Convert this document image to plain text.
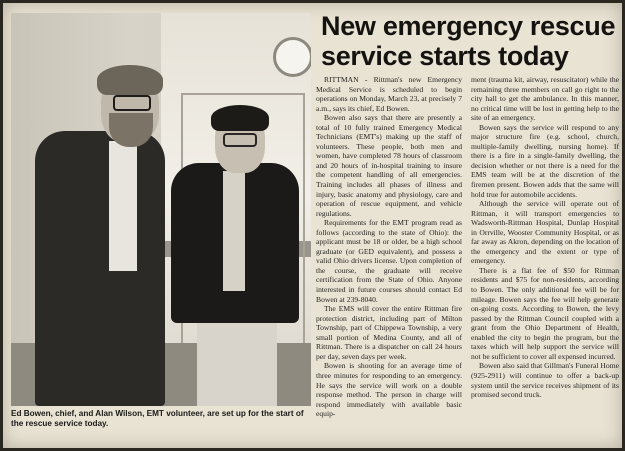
Ed Bowen, chief, and Alan Wilson, EMT volunteer, are set up for the start of the rescue service today.
New emergency rescue service starts today

RITTMAN - Rittman's new Emergency Medical Service is scheduled to begin operations on Monday, March 23, at precisely 7 a.m., says its chief, Ed Bowen.

Bowen also says that there are presently a total of 10 fully trained Emergency Medical Technicians (EMT's) making up the staff of volunteers. These people, both men and women, have completed 78 hours of classroom and 20 hours of in-hospital training to insure the competent handling of all emergencies. Training includes all phases of illness and injury, basic anatomy and physiology, care and operation of rescue equipment, and vehicle regulations.

Requirements for the EMT program read as follows (according to the state of Ohio): the applicant must be 18 or older, be a high school graduate (or GED equivalent), and possess a valid Ohio drivers license. Upon completion of the course, the graduate will receive certification from the State of Ohio. Anyone interested in future courses should contact Ed Bowen at 239-8040.

The EMS will cover the entire Rittman fire protection district, including part of Milton Township, part of Chippewa Township, a very small portion of Medina County, and all of Rittman. There is a dispatcher on call 24 hours per day, seven days per week.

Bowen is shooting for an average time of three minutes for responding to an emergency. He says the service will work on a double response method. The person in charge will respond immediately with available basic equip-

ment (trauma kit, airway, resuscitator) while the remaining three members on call go right to the city hall to get the ambulance. In this manner, no critical time will be lost in getting help to the site of an emergency.

Bowen says the service will respond to any major structure fire (e.g. school, church, multiple-family dwelling, nursing home). If there is a fire in a single-family dwelling, the decision whether or not there is a need for the EMS team will be at the discretion of the firemen present. Bowen adds that the same will hold true for automobile accidents.

Although the service will operate out of Rittman, it will transport emergencies to Wadsworth-Rittman Hospital, Dunlap Hospital in Orrville, Wooster Community Hospital, or as far away as Akron, depending on the location of the emergency and the extent or type of emergency.

There is a flat fee of $50 for Rittman residents and $75 for non-residents, according to Bowen. The only additional fee will be for mileage. Bowen says the fee will help generate on-going costs. According to Bowen, the levy passed by the Rittman Council coupled with a grant from the Ohio Department of Health, enabled the city to begin the program, but the taxes which will help support the service will not be sufficient to cover all expensed incurred.

Bowen also said that Gillman's Funeral Home (925-2911) will continue to offer a back-up system until the service receives shipment of its promised second truck.
